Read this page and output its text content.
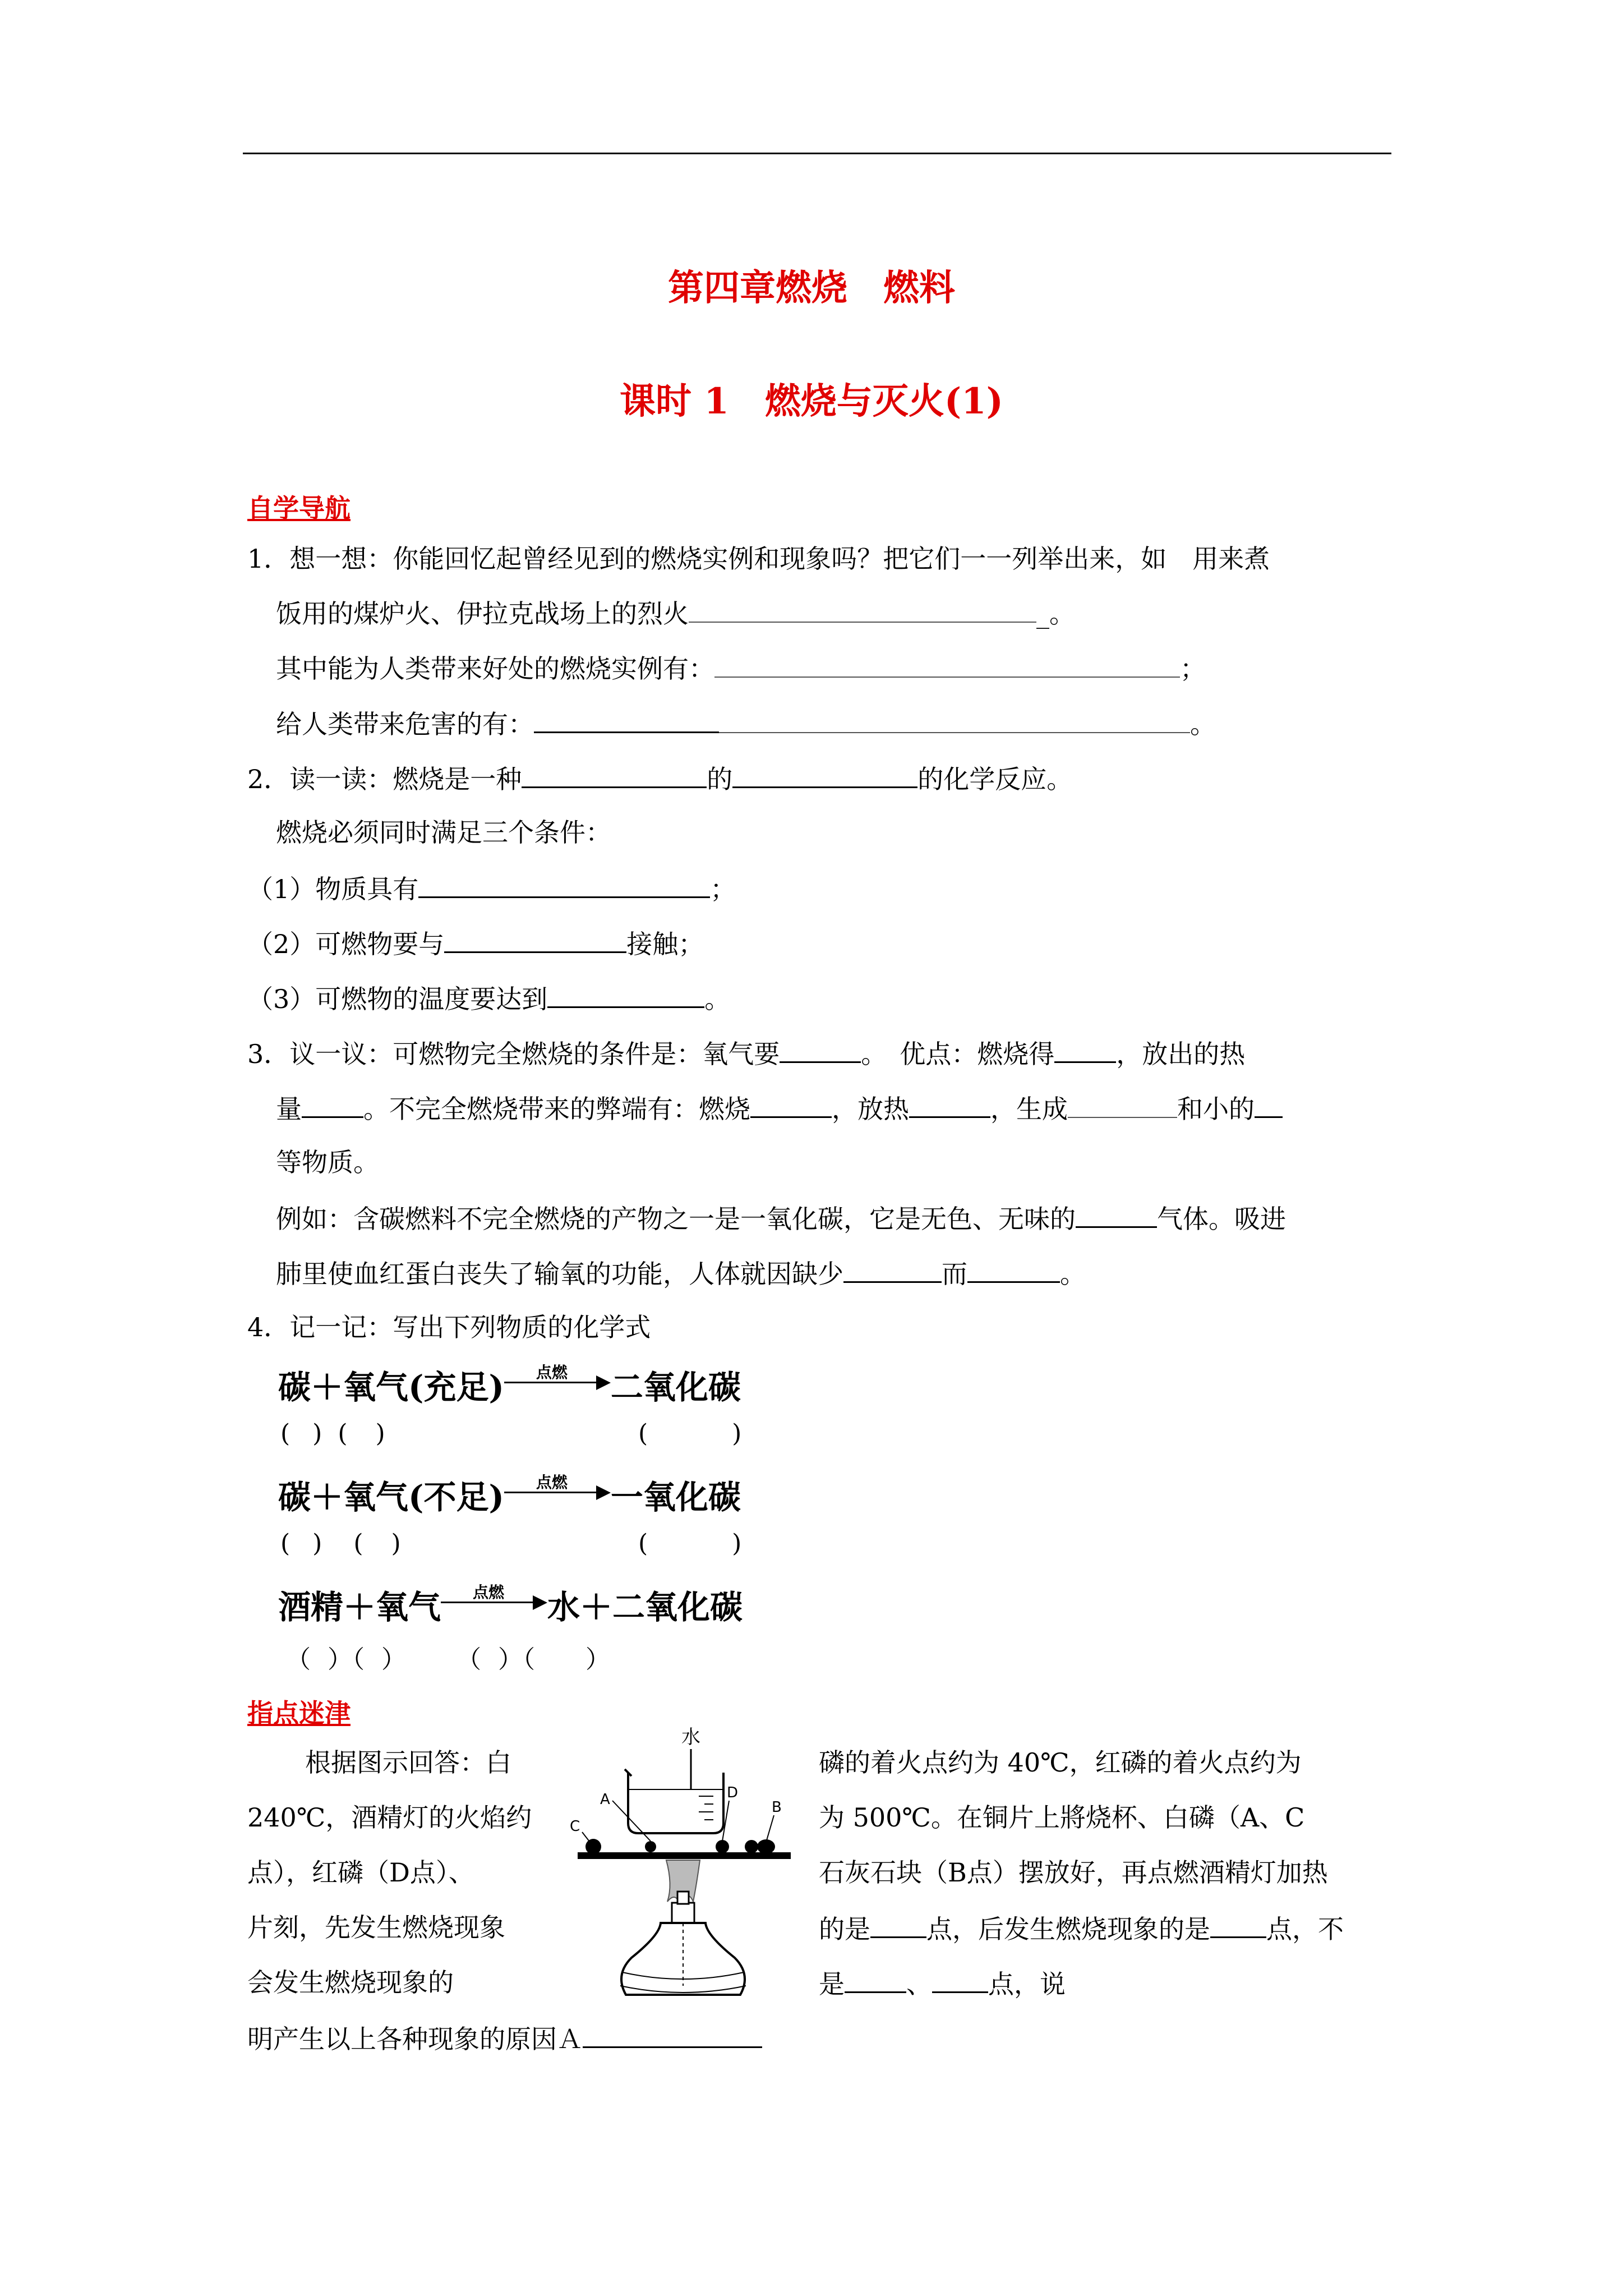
第四章燃烧　燃料
课时 1　燃烧与灭火(1)
自学导航
1．想一想：你能回忆起曾经见到的燃烧实例和现象吗？把它们一一列举出来，如　用来煮
饭用的煤炉火、伊拉克战场上的烈火	_。
其中能为人类带来好处的燃烧实例有：	；
给人类带来危害的有：	。
2．读一读：燃烧是一种	的	的化学反应。
燃烧必须同时满足三个条件：
（1）物质具有	；
（2）可燃物要与	接触；
（3）可燃物的温度要达到	。
3．议一议：可燃物完全燃烧的条件是：氧气要	。　优点：燃烧得 ，放出的热
量 。不完全燃烧带来的弊端有：燃烧	，放热	，生成	和小的
等物质。
例如：含碳燃料不完全燃烧的产物之一是一氧化碳，它是无色、无味的	气体。吸进
肺里使血红蛋白丧失了输氧的功能，人体就因缺少	而	。
4．记一记：写出下列物质的化学式
碳＋氧气(充足)	点燃	二氧化碳
( ) ( )	(	)
碳＋氧气(不足)	点燃	一氧化碳
( ) ( )	(	)
酒精＋氧气	点燃	水＋二氧化碳
（ ）（ ） （ ）（ ）
指点迷津
根据图示回答：白
240℃，酒精灯的火焰约
点），红磷（D点）、
片刻，先发生燃烧现象
会发生燃烧现象的
磷的着火点约为 40℃，红磷的着火点约为
为 500℃。在铜片上將烧杯、白磷（A、C
石灰石块（B点）摆放好，再点燃酒精灯加热
的是 点，后发生燃烧现象的是 点，不
是 、 点，说
明产生以上各种现象的原因Ａ
水
A	D
B
C
